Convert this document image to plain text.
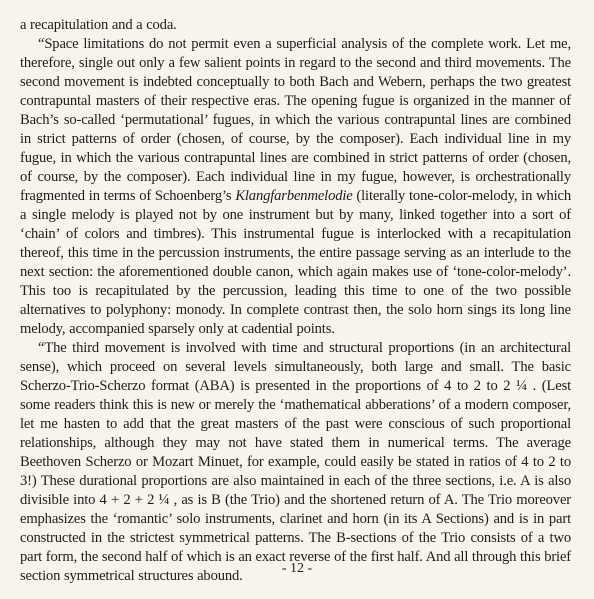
a recapitulation and a coda.

“Space limitations do not permit even a superficial analysis of the complete work. Let me, therefore, single out only a few salient points in regard to the second and third movements. The second movement is indebted conceptually to both Bach and Webern, perhaps the two greatest contrapuntal masters of their respective eras. The opening fugue is organized in the manner of Bach’s so-called ‘permutational’ fugues, in which the various contrapuntal lines are combined in strict patterns of order (chosen, of course, by the composer). Each individual line in my fugue, in which the various contrapuntal lines are combined in strict patterns of order (chosen, of course, by the composer). Each individual line in my fugue, however, is orchestrationally fragmented in terms of Schoenberg’s Klangfarbenmelodie (literally tone-color-melody, in which a single melody is played not by one instrument but by many, linked together into a sort of ‘chain’ of colors and timbres). This instrumental fugue is interlocked with a recapitulation thereof, this time in the percussion instruments, the entire passage serving as an interlude to the next section: the aforementioned double canon, which again makes use of ‘tone-color-melody’. This too is recapitulated by the percussion, leading this time to one of the two possible alternatives to polyphony: monody. In complete contrast then, the solo horn sings its long line melody, accompanied sparsely only at cadential points.

“The third movement is involved with time and structural proportions (in an architectural sense), which proceed on several levels simultaneously, both large and small. The basic Scherzo-Trio-Scherzo format (ABA) is presented in the proportions of 4 to 2 to 2 ¼ . (Lest some readers think this is new or merely the ‘mathematical abberations’ of a modern composer, let me hasten to add that the great masters of the past were conscious of such proportional relationships, although they may not have stated them in numerical terms. The average Beethoven Scherzo or Mozart Minuet, for example, could easily be stated in ratios of 4 to 2 to 3!) These durational proportions are also maintained in each of the three sections, i.e. A is also divisible into 4 + 2 + 2 ¼ , as is B (the Trio) and the shortened return of A. The Trio moreover emphasizes the ‘romantic’ solo instruments, clarinet and horn (in its A Sections) and is in part constructed in the strictest symmetrical patterns. The B-sections of the Trio consists of a two part form, the second half of which is an exact reverse of the first half. And all through this brief section symmetrical structures abound.	- 12 -
